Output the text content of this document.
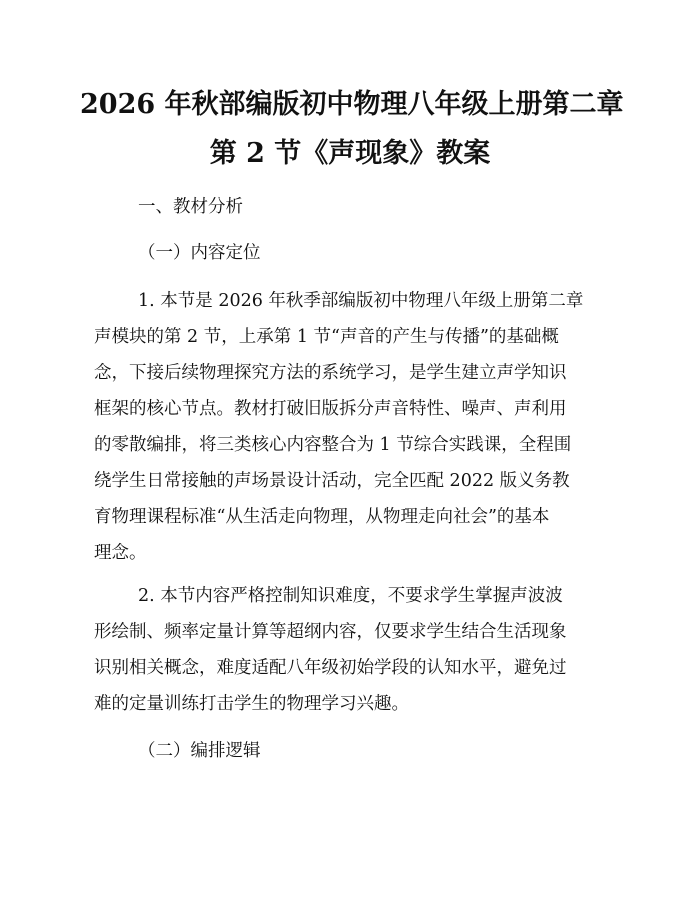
2026 年秋部编版初中物理八年级上册第二章
第 2 节《声现象》教案
一、教材分析
（一）内容定位
1. 本节是 2026 年秋季部编版初中物理八年级上册第二章
声模块的第 2 节，上承第 1 节“声音的产生与传播”的基础概
念，下接后续物理探究方法的系统学习，是学生建立声学知识
框架的核心节点。教材打破旧版拆分声音特性、噪声、声利用
的零散编排，将三类核心内容整合为 1 节综合实践课，全程围
绕学生日常接触的声场景设计活动，完全匹配 2022 版义务教
育物理课程标准“从生活走向物理，从物理走向社会”的基本
理念。
2. 本节内容严格控制知识难度，不要求学生掌握声波波
形绘制、频率定量计算等超纲内容，仅要求学生结合生活现象
识别相关概念，难度适配八年级初始学段的认知水平，避免过
难的定量训练打击学生的物理学习兴趣。
（二）编排逻辑
